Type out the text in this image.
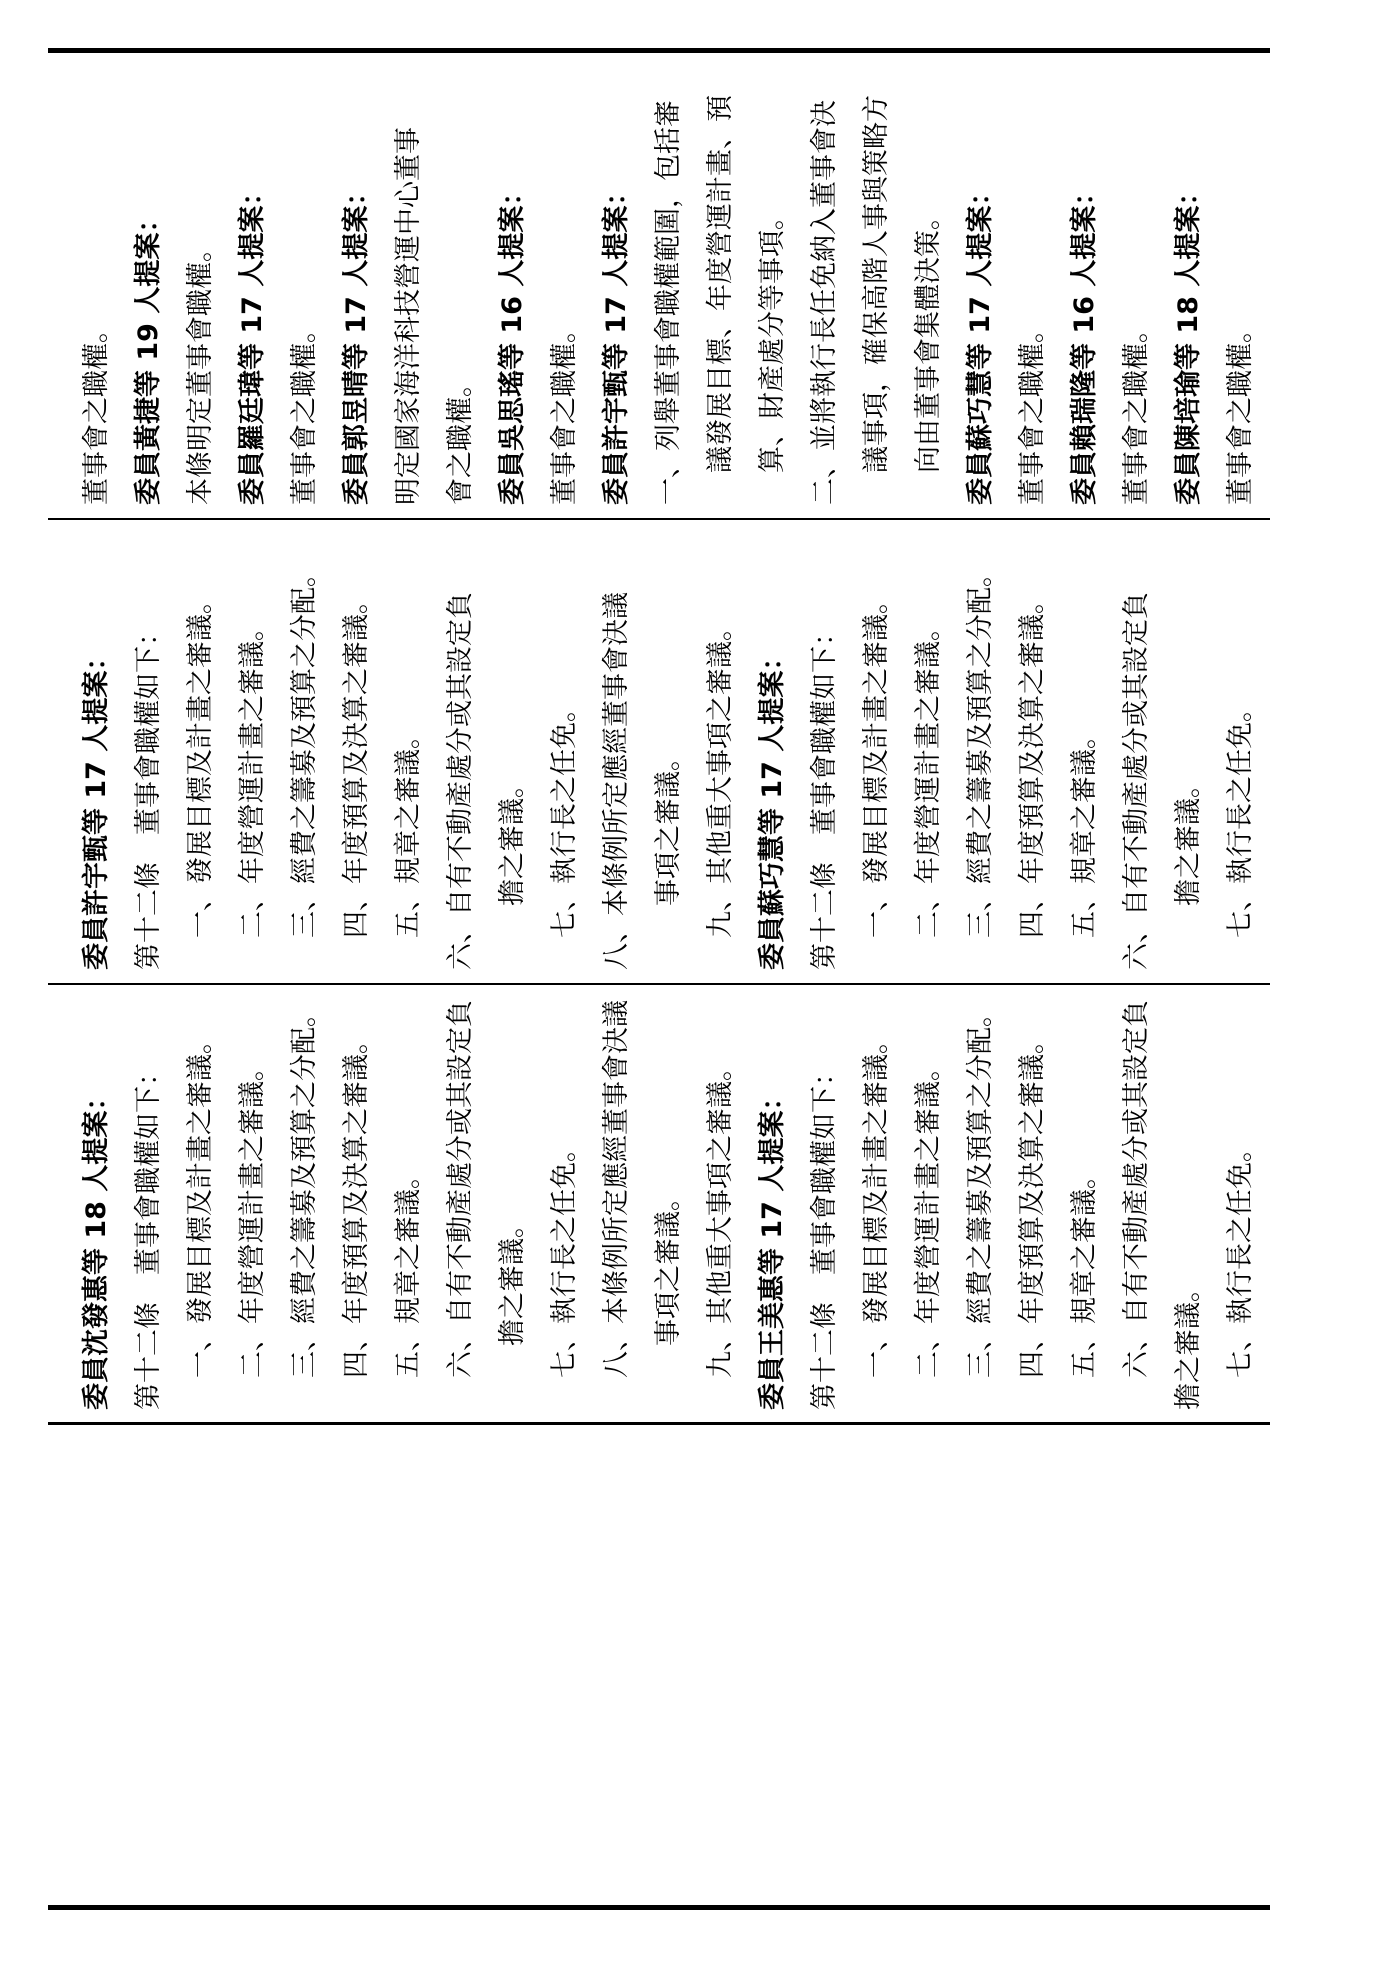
委員沈發惠等 18 人提案： 第十二條　董事會職權如下： 一、發展目標及計畫之審議。 二、年度營運計畫之審議。 三、經費之籌募及預算之分配。 四、年度預算及決算之審議。 五、規章之審議。 六、自有不動產處分或其設定負 擔之審議。 七、執行長之任免。 八、本條例所定應經董事會決議 事項之審議。 九、其他重大事項之審議。 委員王美惠等 17 人提案： 第十二條　董事會職權如下： 一、發展目標及計畫之審議。 二、年度營運計畫之審議。 三、經費之籌募及預算之分配。 四、年度預算及決算之審議。 五、規章之審議。 六、自有不動產處分或其設定負 擔之審議。 七、執行長之任免。
委員許宇甄等 17 人提案： 第十二條　董事會職權如下： 一、發展目標及計畫之審議。 二、年度營運計畫之審議。 三、經費之籌募及預算之分配。 四、年度預算及決算之審議。 五、規章之審議。 六、自有不動產處分或其設定負 擔之審議。 七、執行長之任免。 八、本條例所定應經董事會決議 事項之審議。 九、其他重大事項之審議。 委員蘇巧慧等 17 人提案： 第十二條　董事會職權如下： 一、發展目標及計畫之審議。 二、年度營運計畫之審議。 三、經費之籌募及預算之分配。 四、年度預算及決算之審議。 五、規章之審議。 六、自有不動產處分或其設定負 擔之審議。 七、執行長之任免。
董事會之職權。 委員黃捷等 19 人提案： 本條明定董事會職權。 委員羅廷瑋等 17 人提案： 董事會之職權。 委員郭昱晴等 17 人提案： 明定國家海洋科技營運中心董事 會之職權。 委員吳思瑤等 16 人提案： 董事會之職權。 委員許宇甄等 17 人提案： 一、列舉董事會職權範圍，包括審 議發展目標、年度營運計畫、預 算、財產處分等事項。 二、並將執行長任免納入董事會決 議事項，確保高階人事與策略方 向由董事會集體決策。 委員蘇巧慧等 17 人提案： 董事會之職權。 委員賴瑞隆等 16 人提案： 董事會之職權。 委員陳培瑜等 18 人提案： 董事會之職權。
